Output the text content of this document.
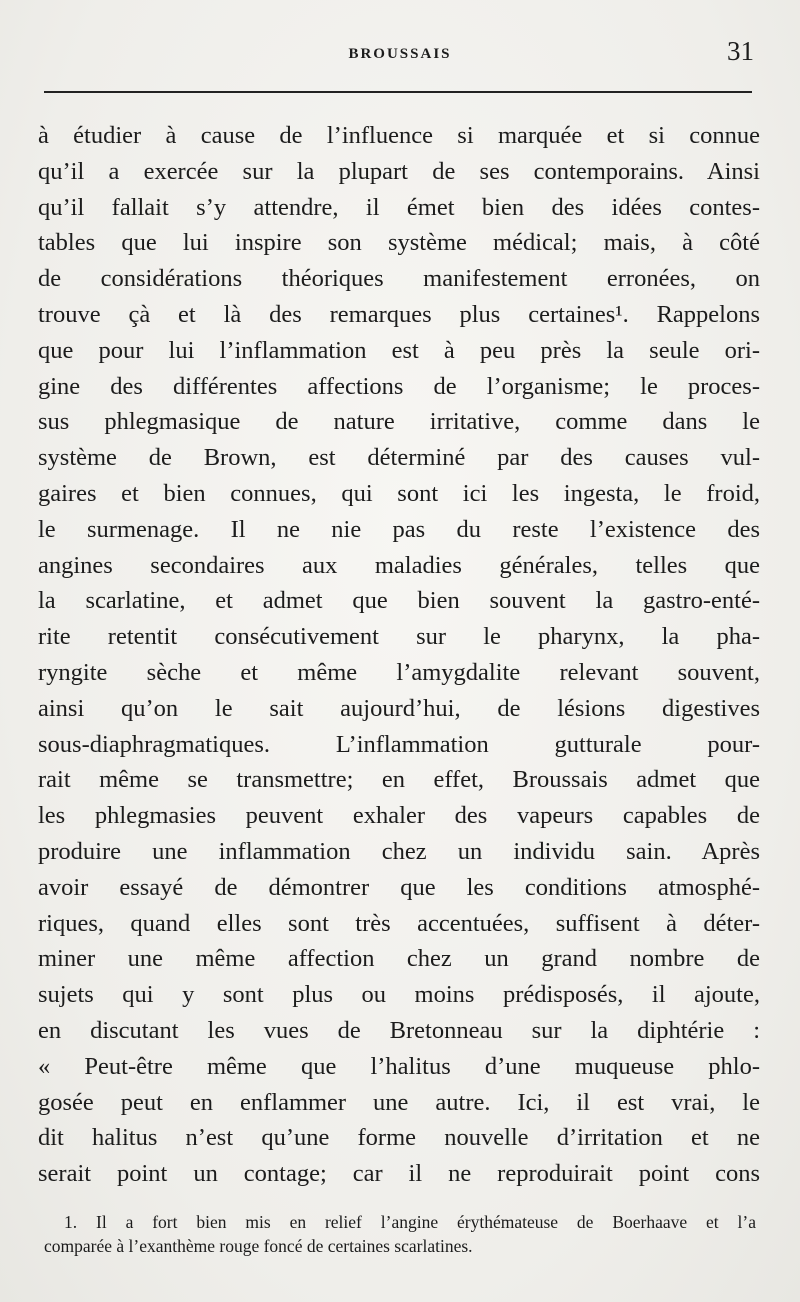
BROUSSAIS	31
à étudier à cause de l’influence si marquée et si connue
qu’il a exercée sur la plupart de ses contemporains. Ainsi
qu’il fallait s’y attendre, il émet bien des idées contes-
tables que lui inspire son système médical; mais, à côté
de considérations théoriques manifestement erronées, on
trouve çà et là des remarques plus certaines¹. Rappelons
que pour lui l’inflammation est à peu près la seule ori-
gine des différentes affections de l’organisme; le proces-
sus phlegmasique de nature irritative, comme dans le
système de Brown, est déterminé par des causes vul-
gaires et bien connues, qui sont ici les ingesta, le froid,
le surmenage. Il ne nie pas du reste l’existence des
angines secondaires aux maladies générales, telles que
la scarlatine, et admet que bien souvent la gastro-enté-
rite retentit consécutivement sur le pharynx, la pha-
ryngite sèche et même l’amygdalite relevant souvent,
ainsi qu’on le sait aujourd’hui, de lésions digestives
sous-diaphragmatiques. L’inflammation gutturale pour-
rait même se transmettre; en effet, Broussais admet que
les phlegmasies peuvent exhaler des vapeurs capables de
produire une inflammation chez un individu sain. Après
avoir essayé de démontrer que les conditions atmosphé-
riques, quand elles sont très accentuées, suffisent à déter-
miner une même affection chez un grand nombre de
sujets qui y sont plus ou moins prédisposés, il ajoute,
en discutant les vues de Bretonneau sur la diphtérie :
« Peut-être même que l’halitus d’une muqueuse phlo-
gosée peut en enflammer une autre. Ici, il est vrai, le
dit halitus n’est qu’une forme nouvelle d’irritation et ne
serait point un contage; car il ne reproduirait point cons
1. Il a fort bien mis en relief l’angine érythémateuse de Boerhaave et l’a
comparée à l’exanthème rouge foncé de certaines scarlatines.
